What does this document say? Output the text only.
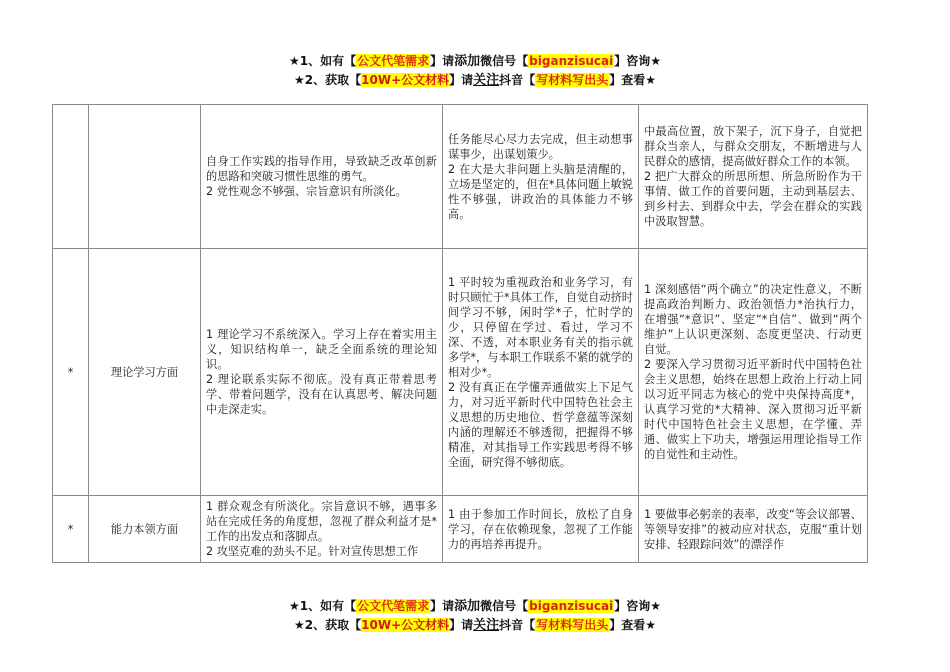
★1、如有【公文代笔需求】请添加微信号【biganzisucai】咨询★
★2、获取【10W+公文材料】请关注抖音【写材料写出头】查看★
		自身工作实践的指导作用，导致缺乏改革创新的思路和突破习惯性思维的勇气。
2 党性观念不够强、宗旨意识有所淡化。	任务能尽心尽力去完成，但主动想事谋事少，出谋划策少。
2 在大是大非问题上头脑是清醒的，立场是坚定的，但在*具体问题上敏锐性不够强，讲政治的具体能力不够高。	中最高位置，放下架子，沉下身子，自觉把群众当亲人，与群众交朋友，不断增进与人民群众的感情，提高做好群众工作的本领。
2 把广大群众的所思所想、所急所盼作为干事情、做工作的首要问题，主动到基层去、到乡村去、到群众中去，学会在群众的实践中汲取智慧。
*	理论学习方面	1 理论学习不系统深入。学习上存在着实用主义，知识结构单一，缺乏全面系统的理论知识。
2 理论联系实际不彻底。没有真正带着思考学、带着问题学，没有在认真思考、解决问题中走深走实。	1 平时较为重视政治和业务学习，有时只顾忙于*具体工作，自觉自动挤时间学习不够，闲时学*子，忙时学的少，只停留在学过、看过，学习不深、不透，对本职业务有关的指示就多学*，与本职工作联系不紧的就学的相对少*。
2 没有真正在学懂弄通做实上下足气力，对习近平新时代中国特色社会主义思想的历史地位、哲学意蕴等深刻内涵的理解还不够透彻，把握得不够精准，对其指导工作实践思考得不够全面，研究得不够彻底。	1 深刻感悟“两个确立”的决定性意义，不断提高政治判断力、政治领悟力*治执行力，在增强“*意识”、坚定“*自信”、做到“两个维护”上认识更深刻、态度更坚决、行动更自觉。
2 要深入学习贯彻习近平新时代中国特色社会主义思想，始终在思想上政治上行动上同以习近平同志为核心的党中央保持高度*，认真学习党的*大精神、深入贯彻习近平新时代中国特色社会主义思想，在学懂、弄通、做实上下功夫，增强运用理论指导工作的自觉性和主动性。
*	能力本领方面	1 群众观念有所淡化。宗旨意识不够，遇事多站在完成任务的角度想，忽视了群众利益才是*工作的出发点和落脚点。
2 攻坚克难的劲头不足。针对宣传思想工作	1 由于参加工作时间长，放松了自身学习，存在依赖现象，忽视了工作能力的再培养再提升。	1 要做事必躬亲的表率，改变“等会议部署、等领导安排”的被动应对状态，克服“重计划安排、轻跟踪问效”的漂浮作
★1、如有【公文代笔需求】请添加微信号【biganzisucai】咨询★
★2、获取【10W+公文材料】请关注抖音【写材料写出头】查看★
